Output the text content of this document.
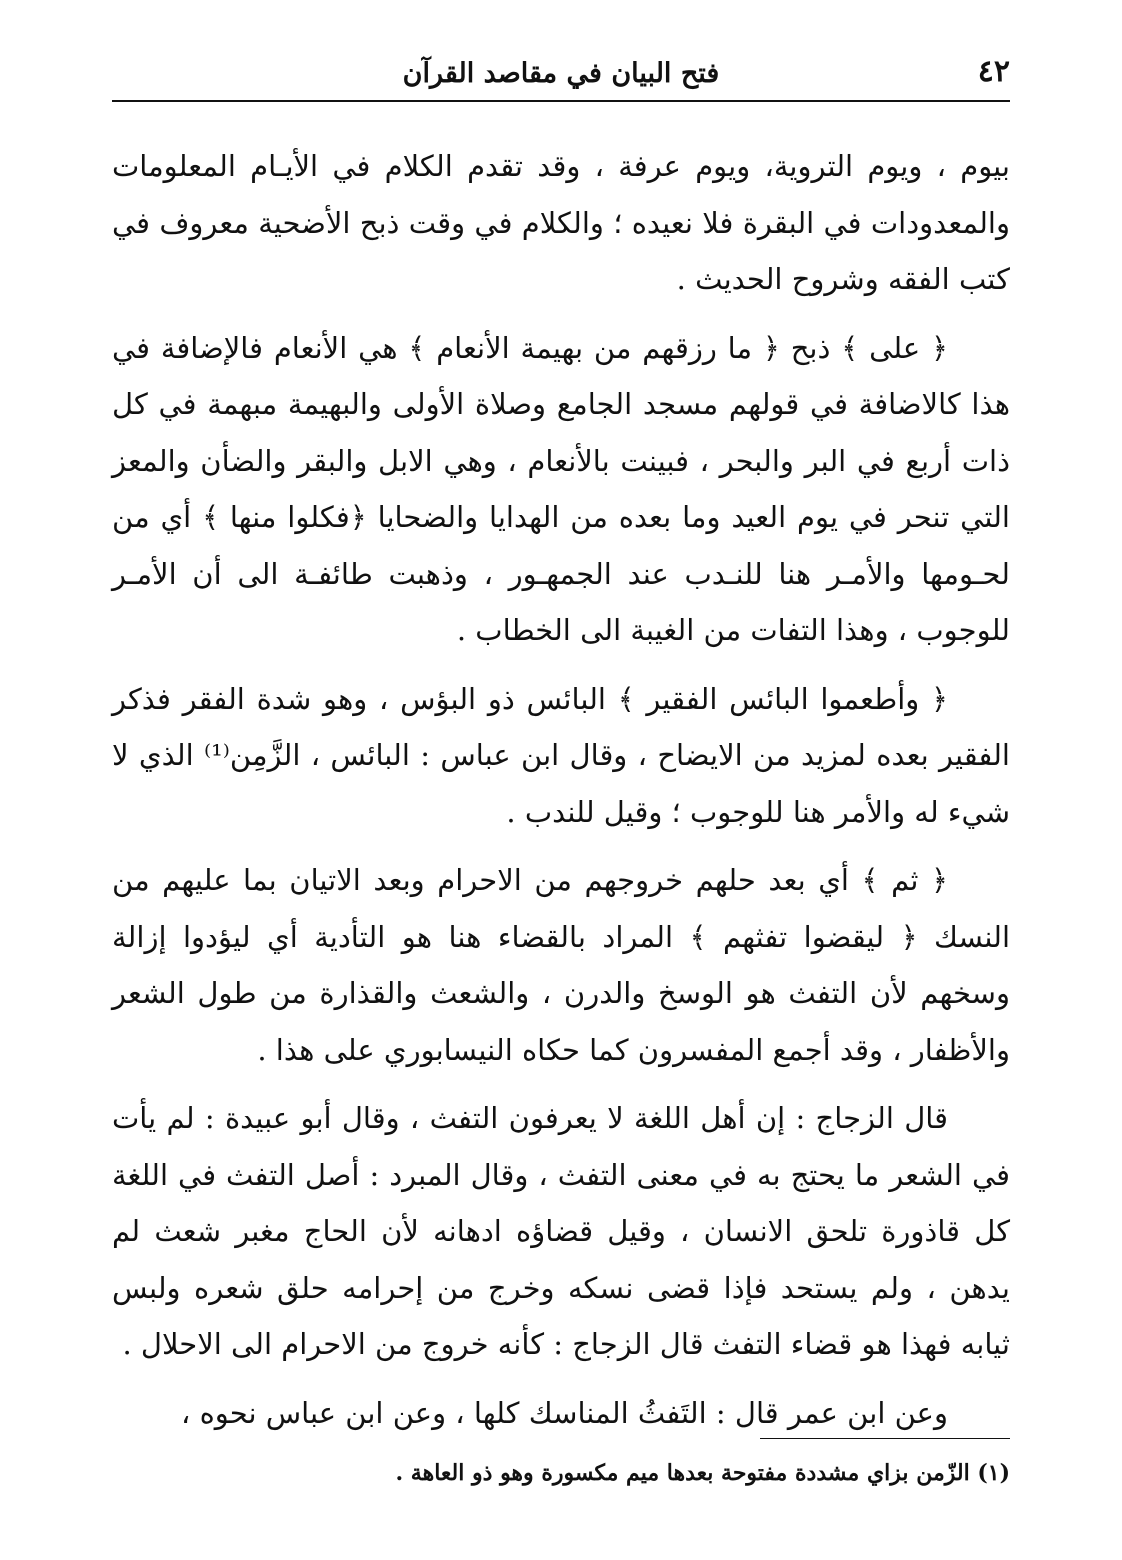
٤٢
فتح البيان في مقاصد القرآن

بيوم ، ويوم التروية، ويوم عرفة ، وقد تقدم الكلام في الأيـام المعلومات والمعدودات في البقرة فلا نعيده ؛ والكلام في وقت ذبح الأضحية معروف في كتب الفقه وشروح الحديث .

﴿ على ﴾ ذبح ﴿ ما رزقهم من بهيمة الأنعام ﴾ هي الأنعام فالإضافة في هذا كالاضافة في قولهم مسجد الجامع وصلاة الأولى والبهيمة مبهمة في كل ذات أربع في البر والبحر ، فبينت بالأنعام ، وهي الابل والبقر والضأن والمعز التي تنحر في يوم العيد وما بعده من الهدايا والضحايا ﴿فكلوا منها ﴾ أي من لحـومها والأمـر هنا للنـدب عند الجمهـور ، وذهبت طائفـة الى أن الأمـر للوجوب ، وهذا التفات من الغيبة الى الخطاب .

﴿ وأطعموا البائس الفقير ﴾ البائس ذو البؤس ، وهو شدة الفقر فذكر الفقير بعده لمزيد من الايضاح ، وقال ابن عباس : البائس ، الزَّمِن⁽¹⁾ الذي لا شيء له والأمر هنا للوجوب ؛ وقيل للندب .

﴿ ثم ﴾ أي بعد حلهم خروجهم من الاحرام وبعد الاتيان بما عليهم من النسك ﴿ ليقضوا تفثهم ﴾ المراد بالقضاء هنا هو التأدية أي ليؤدوا إزالة وسخهم لأن التفث هو الوسخ والدرن ، والشعث والقذارة من طول الشعر والأظفار ، وقد أجمع المفسرون كما حكاه النيسابوري على هذا .

قال الزجاج : إن أهل اللغة لا يعرفون التفث ، وقال أبو عبيدة : لم يأت في الشعر ما يحتج به في معنى التفث ، وقال المبرد : أصل التفث في اللغة كل قاذورة تلحق الانسان ، وقيل قضاؤه ادهانه لأن الحاج مغبر شعث لم يدهن ، ولم يستحد فإذا قضى نسكه وخرج من إحرامه حلق شعره ولبس ثيابه فهذا هو قضاء التفث قال الزجاج : كأنه خروج من الاحرام الى الاحلال .

وعن ابن عمر قال : التَفثُ المناسك كلها ، وعن ابن عباس نحوه ،

(١) الزّمن بزاي مشددة مفتوحة بعدها ميم مكسورة وهو ذو العاهة .
